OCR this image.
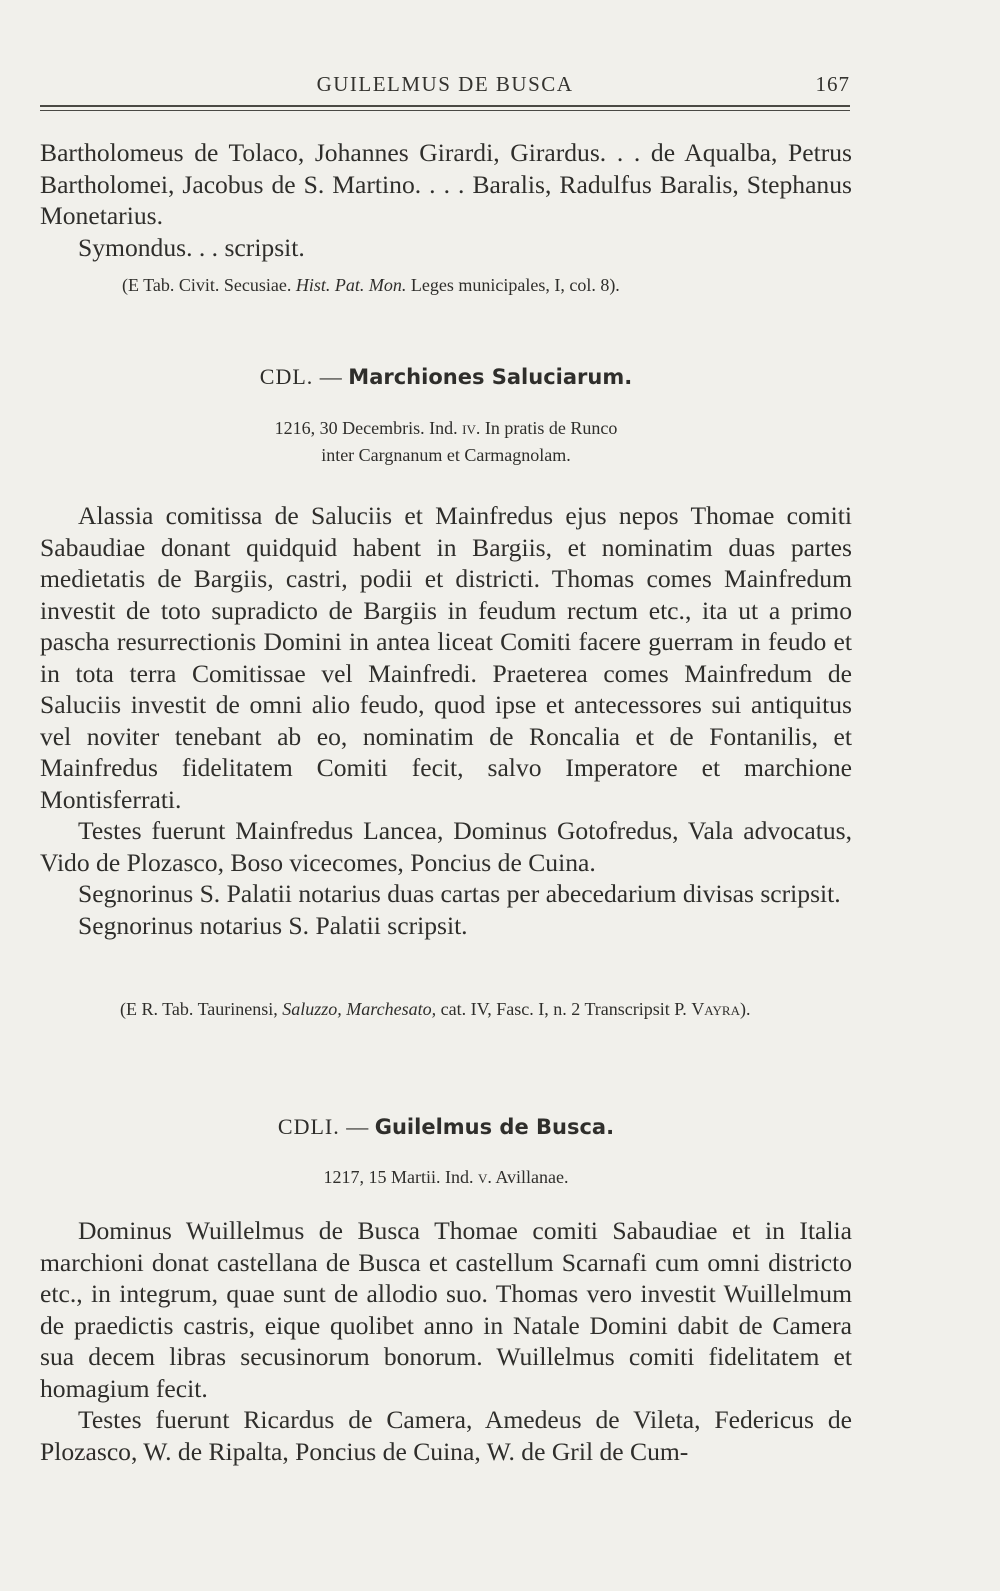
GUILELMUS DE BUSCA	167

Bartholomeus de Tolaco, Johannes Girardi, Girardus. . . de Aqualba, Petrus Bartholomei, Jacobus de S. Martino. . . . Baralis, Radulfus Baralis, Stephanus Monetarius.

Symondus. . . scripsit.

(E Tab. Civit. Secusiae. Hist. Pat. Mon. Leges municipales, I, col. 8).
CDL. — Marchiones Saluciarum.
1216, 30 Decembris. Ind. iv. In pratis de Runco
inter Cargnanum et Carmagnolam.

Alassia comitissa de Saluciis et Mainfredus ejus nepos Thomae comiti Sabaudiae donant quidquid habent in Bargiis, et nominatim duas partes medietatis de Bargiis, castri, podii et districti. Thomas comes Mainfredum investit de toto supradicto de Bargiis in feudum rectum etc., ita ut a primo pascha resurrectionis Domini in antea liceat Comiti facere guerram in feudo et in tota terra Comitissae vel Mainfredi. Praeterea comes Mainfredum de Saluciis investit de omni alio feudo, quod ipse et antecessores sui antiquitus vel noviter tenebant ab eo, nominatim de Roncalia et de Fontanilis, et Mainfredus fidelitatem Comiti fecit, salvo Imperatore et marchione Montisferrati.

Testes fuerunt Mainfredus Lancea, Dominus Gotofredus, Vala advocatus, Vido de Plozasco, Boso vicecomes, Poncius de Cuina.

Segnorinus S. Palatii notarius duas cartas per abecedarium divisas scripsit.

Segnorinus notarius S. Palatii scripsit.

(E R. Tab. Taurinensi, Saluzzo, Marchesato, cat. IV, Fasc. I, n. 2 Transcripsit P. Vayra).
CDLI. — Guilelmus de Busca.
1217, 15 Martii. Ind. v. Avillanae.

Dominus Wuillelmus de Busca Thomae comiti Sabaudiae et in Italia marchioni donat castellana de Busca et castellum Scarnafi cum omni districto etc., in integrum, quae sunt de allodio suo. Thomas vero investit Wuillelmum de praedictis castris, eique quolibet anno in Natale Domini dabit de Camera sua decem libras secusinorum bonorum. Wuillelmus comiti fidelitatem et homagium fecit.

Testes fuerunt Ricardus de Camera, Amedeus de Vileta, Federicus de Plozasco, W. de Ripalta, Poncius de Cuina, W. de Gril de Cum-
